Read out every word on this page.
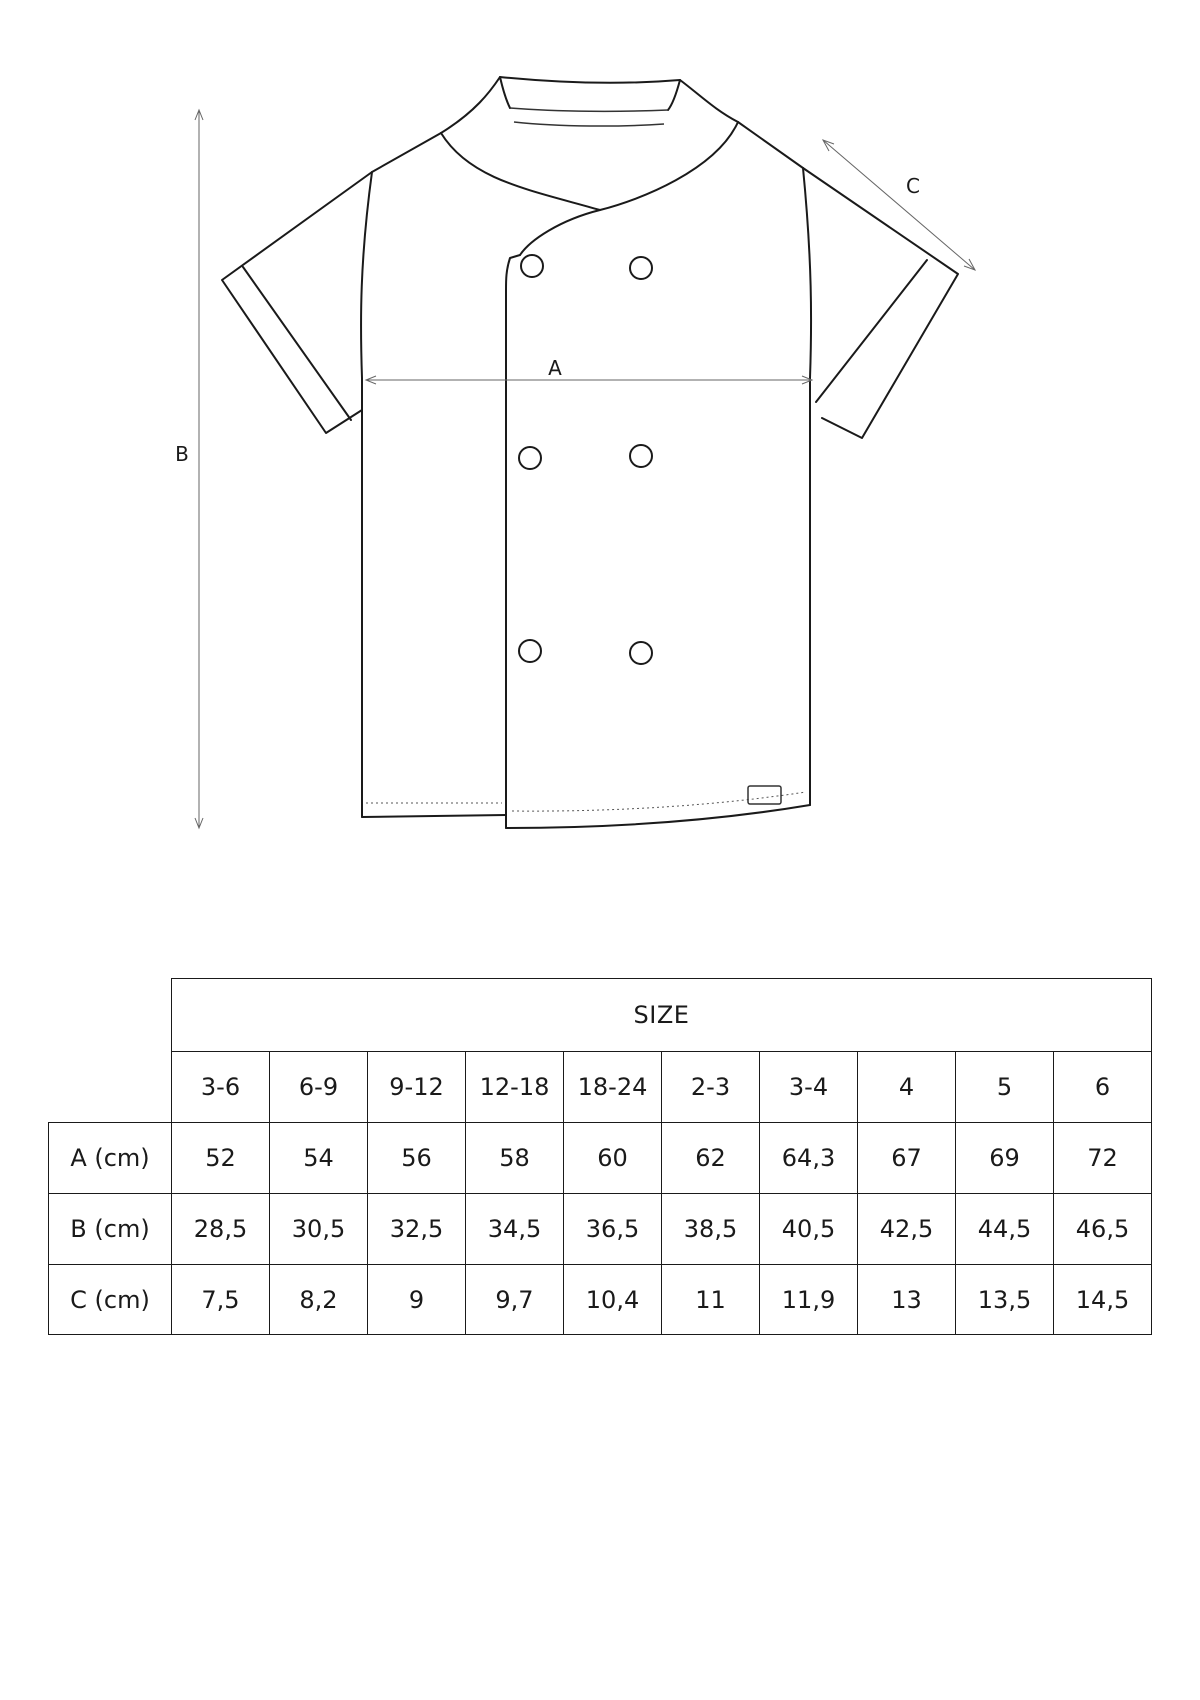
A
B
C
	SIZE									
	3-6	6-9	9-12	12-18	18-24	2-3	3-4	4	5	6
A (cm)	52	54	56	58	60	62	64,3	67	69	72
B (cm)	28,5	30,5	32,5	34,5	36,5	38,5	40,5	42,5	44,5	46,5
C (cm)	7,5	8,2	9	9,7	10,4	11	11,9	13	13,5	14,5
